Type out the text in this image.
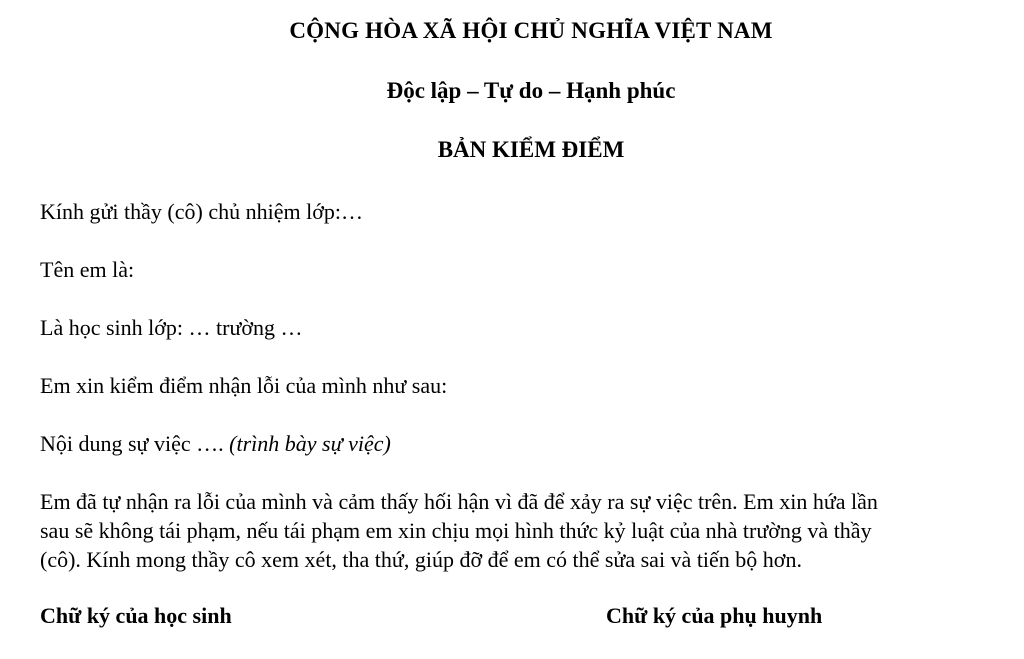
CỘNG HÒA XÃ HỘI CHỦ NGHĨA VIỆT NAM
Độc lập – Tự do – Hạnh phúc
BẢN KIỂM ĐIỂM
Kính gửi thầy (cô) chủ nhiệm lớp:…
Tên em là:
Là học sinh lớp: … trường …
Em xin kiểm điểm nhận lỗi của mình như sau:
Nội dung sự việc …. (trình bày sự việc)
Em đã tự nhận ra lỗi của mình và cảm thấy hối hận vì đã để xảy ra sự việc trên. Em xin hứa lần
sau sẽ không tái phạm, nếu tái phạm em xin chịu mọi hình thức kỷ luật của nhà trường và thầy
(cô). Kính mong thầy cô xem xét, tha thứ, giúp đỡ để em có thể sửa sai và tiến bộ hơn.
Chữ ký của học sinh	Chữ ký của phụ huynh
